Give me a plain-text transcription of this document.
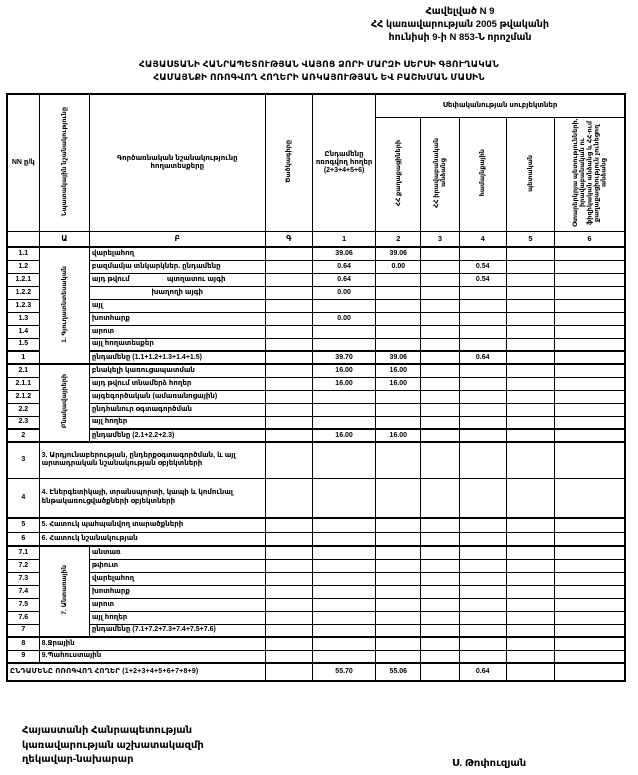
Հավելված N 9
ՀՀ կառավարության 2005 թվականի
հունիսի 9-ի N 853-Ն որոշման
ՀԱՅԱՍՏԱՆԻ ՀԱՆՐԱՊԵՏՈՒԹՅԱՆ ՎԱՅՈՑ ՁՈՐԻ ՄԱՐԶԻ ՍԵՐՍԻ ԳՅՈՒՂԱԿԱՆ
ՀԱՄԱՅՆՔԻ ՈՌՈԳՎՈՂ ՀՈՂԵՐԻ ԱՌԿԱՅՈՒԹՅԱՆ ԵՎ ԲԱՇԽՄԱՆ ՄԱՍԻՆ
NN ը/կ	Նպատակային նշանակությունը	Գործառնական նշանակությունը հողատեսքերը	Ծածկագիրը	Ընդամենը ոռոգվող հողեր (2+3+4+5+6)	Սեփականության սուբյեկտներ				
					ՀՀ քաղաքացիների	ՀՀ իրավաբանական անձանց	համայնքային	պետական	Օտարերկրյա պետությունների, իրավաբանական ու ֆիզիկական անձանց և ՀՀ-ում քաղաքացիություն չունեցող անձանց
	Ա	Բ	Գ	1	2	3	4	5	6
1.1	1. Գյուղատնտեսական	վարելահող		39.06	39.06				
1.2		բազմամյա տնկարկներ. ընդամենը		0.64	0.00		0.54		
1.2.1		այդ թվում պտղատու այգի		0.64			0.54		
1.2.2		խաղողի այգի		0.00					
1.2.3		այլ							
1.3		խոտհարք		0.00					
1.4		արոտ							
1.5		այլ հողատեսքեր							
1		ընդամենը (1.1+1.2+1.3+1.4+1.5)		39.70	39.06		0.64		
2.1	Բնակավայրերի	բնակելի կառուցապատման		16.00	16.00				
2.1.1		այդ թվում տնամերձ հողեր		16.00	16.00				
2.1.2		այգեգործական (ամառանոցային)							
2.2		ընդհանուր օգտագործման							
2.3		այլ հողեր							
2		ընդամենը (2.1+2.2+2.3)		16.00	16.00				
3	3. Արդյունաբերության, ընդերքօգտագործման, և այլ արտադրական նշանակության օբյեկտների								
4	4. Էներգետիկայի, տրանսպորտի, կապի և կոմունալ ենթակառուցվածքների օբյեկտների								
5	5. Հատուկ պահպանվող տարածքների								
6	6. Հատուկ նշանակության								
7.1	7. Անտառային	անտառ							
7.2		թփուտ							
7.3		վարելահող							
7.4		խոտհարք							
7.5		արոտ							
7.6		այլ հողեր							
7		ընդամենը (7.1+7.2+7.3+7.4+7.5+7.6)							
8	8.Ջրային								
9	9.Պահուստային								
ԸՆԴԱՄԵՆԸ ՈՌՈԳՎՈՂ ՀՈՂԵՐ (1+2+3+4+5+6+7+8+9)				55.70	55.06		0.64		
Հայաստանի Հանրապետության
կառավարության աշխատակազմի
ղեկավար-նախարար	Ս. Թոփուզյան
